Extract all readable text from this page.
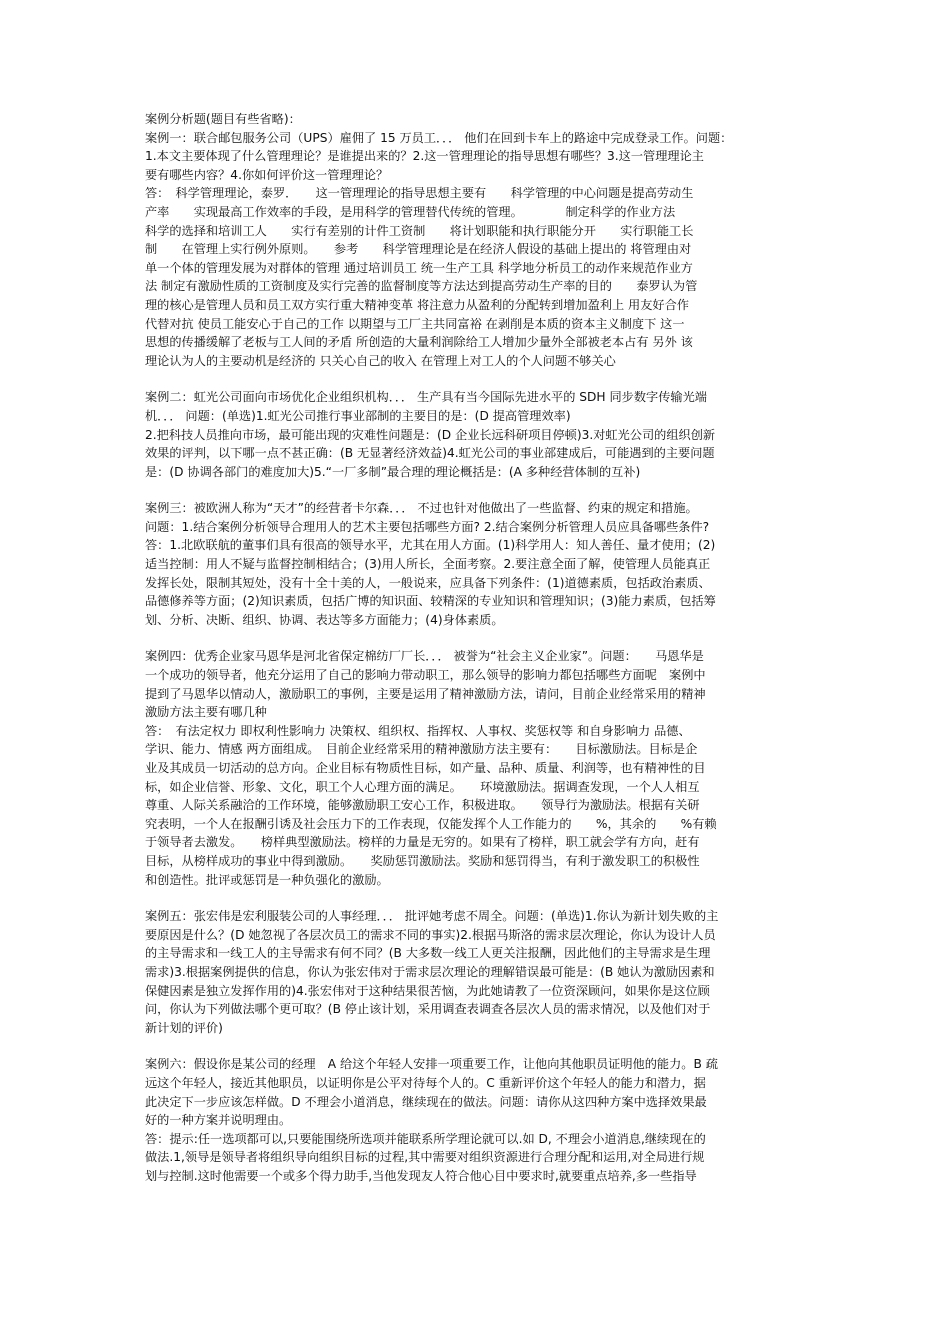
案例分析题(题目有些省略)：
案例一：联合邮包服务公司（UPS）雇佣了 15 万员工．．． 他们在回到卡车上的路途中完成登录工作。问题：
1.本文主要体现了什么管理理论？是谁提出来的？2.这一管理理论的指导思想有哪些？3.这一管理理论主
要有哪些内容？4.你如何评价这一管理理论？
答：　科学管理理论，泰罗．　　这一管理理论的指导思想主要有　　科学管理的中心问题是提高劳动生
产率　　实现最高工作效率的手段，是用科学的管理替代传统的管理。　　　　制定科学的作业方法
科学的选择和培训工人　　实行有差别的计件工资制　　将计划职能和执行职能分开　　实行职能工长
制　　在管理上实行例外原则。　　参考　　科学管理理论是在经济人假设的基础上提出的 将管理由对
单一个体的管理发展为对群体的管理 通过培训员工 统一生产工具 科学地分析员工的动作来规范作业方
法 制定有激励性质的工资制度及实行完善的监督制度等方法达到提高劳动生产率的目的　　泰罗认为管
理的核心是管理人员和员工双方实行重大精神变革 将注意力从盈利的分配转到增加盈利上 用友好合作
代替对抗 使员工能安心于自己的工作 以期望与工厂主共同富裕 在剥削是本质的资本主义制度下 这一
思想的传播缓解了老板与工人间的矛盾 所创造的大量利润除给工人增加少量外全部被老本占有 另外 该
理论认为人的主要动机是经济的 只关心自己的收入 在管理上对工人的个人问题不够关心
案例二：虹光公司面向市场优化企业组织机构．．． 生产具有当今国际先进水平的 SDH 同步数字传输光端
机．．． 问题：(单选)1.虹光公司推行事业部制的主要目的是：(D 提高管理效率)
2.把科技人员推向市场，最可能出现的灾难性问题是：(D 企业长远科研项目停顿)3.对虹光公司的组织创新
效果的评判，以下哪一点不甚正确：(B 无显著经济效益)4.虹光公司的事业部建成后，可能遇到的主要问题
是：(D 协调各部门的难度加大)5.“一厂多制”最合理的理论概括是：(A 多种经营体制的互补)
案例三：被欧洲人称为“天才”的经营者卡尔森．．． 不过也针对他做出了一些监督、约束的规定和措施。
问题：1.结合案例分析领导合理用人的艺术主要包括哪些方面? 2.结合案例分析管理人员应具备哪些条件?
答：1.北欧联航的董事们具有很高的领导水平，尤其在用人方面。(1)科学用人：知人善任、量才使用；(2)
适当控制：用人不疑与监督控制相结合；(3)用人所长，全面考察。2.要注意全面了解，使管理人员能真正
发挥长处，限制其短处，没有十全十美的人，一般说来，应具备下列条件：(1)道德素质，包括政治素质、
品德修养等方面；(2)知识素质，包括广博的知识面、较精深的专业知识和管理知识；(3)能力素质，包括筹
划、分析、决断、组织、协调、表达等多方面能力；(4)身体素质。
案例四：优秀企业家马恩华是河北省保定棉纺厂厂长．．． 被誉为“社会主义企业家”。问题：　　马恩华是
一个成功的领导者，他充分运用了自己的影响力带动职工，那么领导的影响力都包括哪些方面呢　案例中
提到了马恩华以情动人，激励职工的事例，主要是运用了精神激励方法，请问，目前企业经常采用的精神
激励方法主要有哪几种
答：　有法定权力 即权利性影响力 决策权、组织权、指挥权、人事权、奖惩权等 和自身影响力 品德、
学识、能力、情感 两方面组成。　目前企业经常采用的精神激励方法主要有：　　目标激励法。目标是企
业及其成员一切活动的总方向。企业目标有物质性目标，如产量、品种、质量、利润等，也有精神性的目
标，如企业信誉、形象、文化，职工个人心理方面的满足。　　环境激励法。据调查发现，一个人人相互
尊重、人际关系融洽的工作环境，能够激励职工安心工作，积极进取。　　领导行为激励法。根据有关研
究表明，一个人在报酬引诱及社会压力下的工作表现，仅能发挥个人工作能力的　　%，其余的　　%有赖
于领导者去激发。　　榜样典型激励法。榜样的力量是无穷的。如果有了榜样，职工就会学有方向，赶有
目标，从榜样成功的事业中得到激励。　　奖励惩罚激励法。奖励和惩罚得当，有利于激发职工的积极性
和创造性。批评或惩罚是一种负强化的激励。
案例五：张宏伟是宏利服装公司的人事经理．．． 批评她考虑不周全。问题：(单选)1.你认为新计划失败的主
要原因是什么？(D 她忽视了各层次员工的需求不同的事实)2.根据马斯洛的需求层次理论，你认为设计人员
的主导需求和一线工人的主导需求有何不同？(B 大多数一线工人更关注报酬，因此他们的主导需求是生理
需求)3.根据案例提供的信息，你认为张宏伟对于需求层次理论的理解错误最可能是：(B 她认为激励因素和
保健因素是独立发挥作用的)4.张宏伟对于这种结果很苦恼，为此她请教了一位资深顾问，如果你是这位顾
问，你认为下列做法哪个更可取？(B 停止该计划，采用调查表调查各层次人员的需求情况，以及他们对于
新计划的评价)
案例六：假设你是某公司的经理　A 给这个年轻人安排一项重要工作，让他向其他职员证明他的能力。B 疏
远这个年轻人，接近其他职员，以证明你是公平对待每个人的。C 重新评价这个年轻人的能力和潜力，据
此决定下一步应该怎样做。D 不理会小道消息，继续现在的做法。问题：请你从这四种方案中选择效果最
好的一种方案并说明理由。
答：提示:任一选项都可以,只要能围绕所选项并能联系所学理论就可以.如 D, 不理会小道消息,继续现在的
做法.1,领导是领导者将组织导向组织目标的过程,其中需要对组织资源进行合理分配和运用,对全局进行规
划与控制.这时他需要一个或多个得力助手,当他发现友人符合他心目中要求时,就要重点培养,多一些指导
